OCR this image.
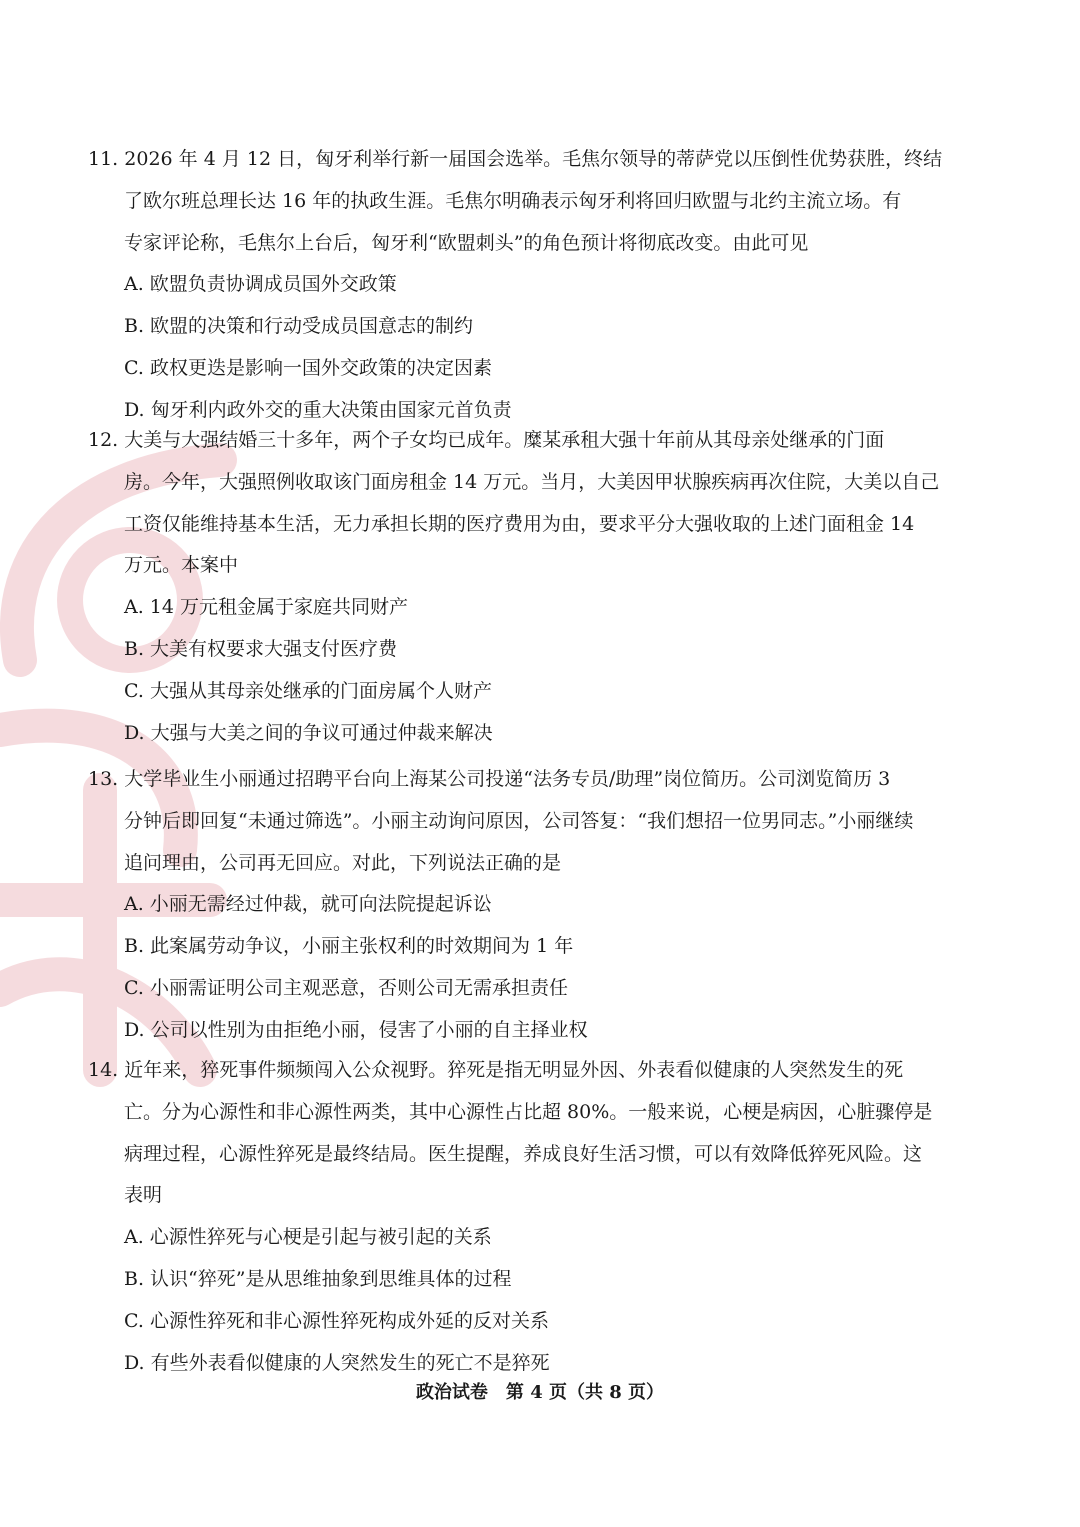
11. 2026 年 4 月 12 日，匈牙利举行新一届国会选举。毛焦尔领导的蒂萨党以压倒性优势获胜，终结
了欧尔班总理长达 16 年的执政生涯。毛焦尔明确表示匈牙利将回归欧盟与北约主流立场。有
专家评论称，毛焦尔上台后，匈牙利“欧盟刺头”的角色预计将彻底改变。由此可见
A. 欧盟负责协调成员国外交政策
B. 欧盟的决策和行动受成员国意志的制约
C. 政权更迭是影响一国外交政策的决定因素
D. 匈牙利内政外交的重大决策由国家元首负责
12. 大美与大强结婚三十多年，两个子女均已成年。糜某承租大强十年前从其母亲处继承的门面
房。今年，大强照例收取该门面房租金 14 万元。当月，大美因甲状腺疾病再次住院，大美以自己
工资仅能维持基本生活，无力承担长期的医疗费用为由，要求平分大强收取的上述门面租金 14
万元。本案中
A. 14 万元租金属于家庭共同财产
B. 大美有权要求大强支付医疗费
C. 大强从其母亲处继承的门面房属个人财产
D. 大强与大美之间的争议可通过仲裁来解决
13. 大学毕业生小丽通过招聘平台向上海某公司投递“法务专员/助理”岗位简历。公司浏览简历 3
分钟后即回复“未通过筛选”。小丽主动询问原因，公司答复：“我们想招一位男同志。”小丽继续
追问理由，公司再无回应。对此，下列说法正确的是
A. 小丽无需经过仲裁，就可向法院提起诉讼
B. 此案属劳动争议，小丽主张权利的时效期间为 1 年
C. 小丽需证明公司主观恶意，否则公司无需承担责任
D. 公司以性别为由拒绝小丽，侵害了小丽的自主择业权
14. 近年来，猝死事件频频闯入公众视野。猝死是指无明显外因、外表看似健康的人突然发生的死
亡。分为心源性和非心源性两类，其中心源性占比超 80%。一般来说，心梗是病因，心脏骤停是
病理过程，心源性猝死是最终结局。医生提醒，养成良好生活习惯，可以有效降低猝死风险。这
表明
A. 心源性猝死与心梗是引起与被引起的关系
B. 认识“猝死”是从思维抽象到思维具体的过程
C. 心源性猝死和非心源性猝死构成外延的反对关系
D. 有些外表看似健康的人突然发生的死亡不是猝死
政治试卷　第 4 页（共 8 页）
